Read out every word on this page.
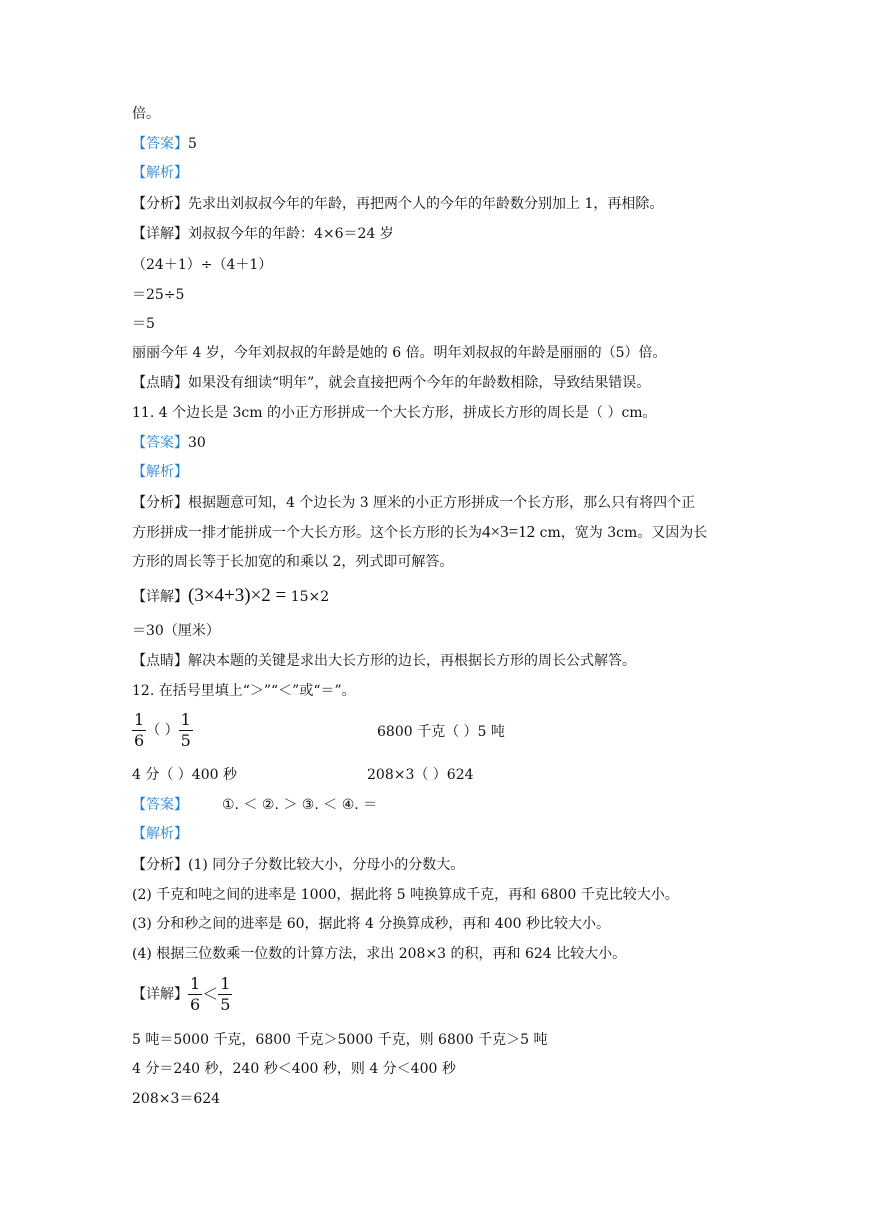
倍。
【答案】5
【解析】
【分析】先求出刘叔叔今年的年龄，再把两个人的今年的年龄数分别加上 1，再相除。
【详解】刘叔叔今年的年龄：4×6＝24 岁
（24＋1）÷（4＋1）
＝25÷5
＝5
丽丽今年 4 岁，今年刘叔叔的年龄是她的 6 倍。明年刘叔叔的年龄是丽丽的（5）倍。
【点睛】如果没有细读“明年”，就会直接把两个今年的年龄数相除，导致结果错误。
11. 4 个边长是 3cm 的小正方形拼成一个大长方形，拼成长方形的周长是（ ）cm。
【答案】30
【解析】
【分析】根据题意可知，4 个边长为 3 厘米的小正方形拼成一个长方形，那么只有将四个正
方形拼成一排才能拼成一个大长方形。这个长方形的长为4×3=12 cm，宽为 3cm。又因为长
方形的周长等于长加宽的和乘以 2，列式即可解答。
【详解】(3×4+3)×2 = 15×2
＝30（厘米）
【点睛】解决本题的关键是求出大长方形的边长，再根据长方形的周长公式解答。
12. 在括号里填上“＞”“＜”或“＝”。
$\frac{1}{6}$ （ ） $\frac{1}{5}$	6800 千克（ ）5 吨
4 分（ ）400 秒	208×3（ ）624
【答案】 ①. ＜ ②. ＞ ③. ＜ ④. ＝
【解析】
【分析】(1) 同分子分数比较大小，分母小的分数大。
(2) 千克和吨之间的进率是 1000，据此将 5 吨换算成千克，再和 6800 千克比较大小。
(3) 分和秒之间的进率是 60，据此将 4 分换算成秒，再和 400 秒比较大小。
(4) 根据三位数乘一位数的计算方法，求出 208×3 的积，再和 624 比较大小。
【详解】 $\frac{1}{6} < \frac{1}{5}$
5 吨＝5000 千克，6800 千克＞5000 千克，则 6800 千克＞5 吨
4 分＝240 秒，240 秒＜400 秒，则 4 分＜400 秒
208×3＝624
